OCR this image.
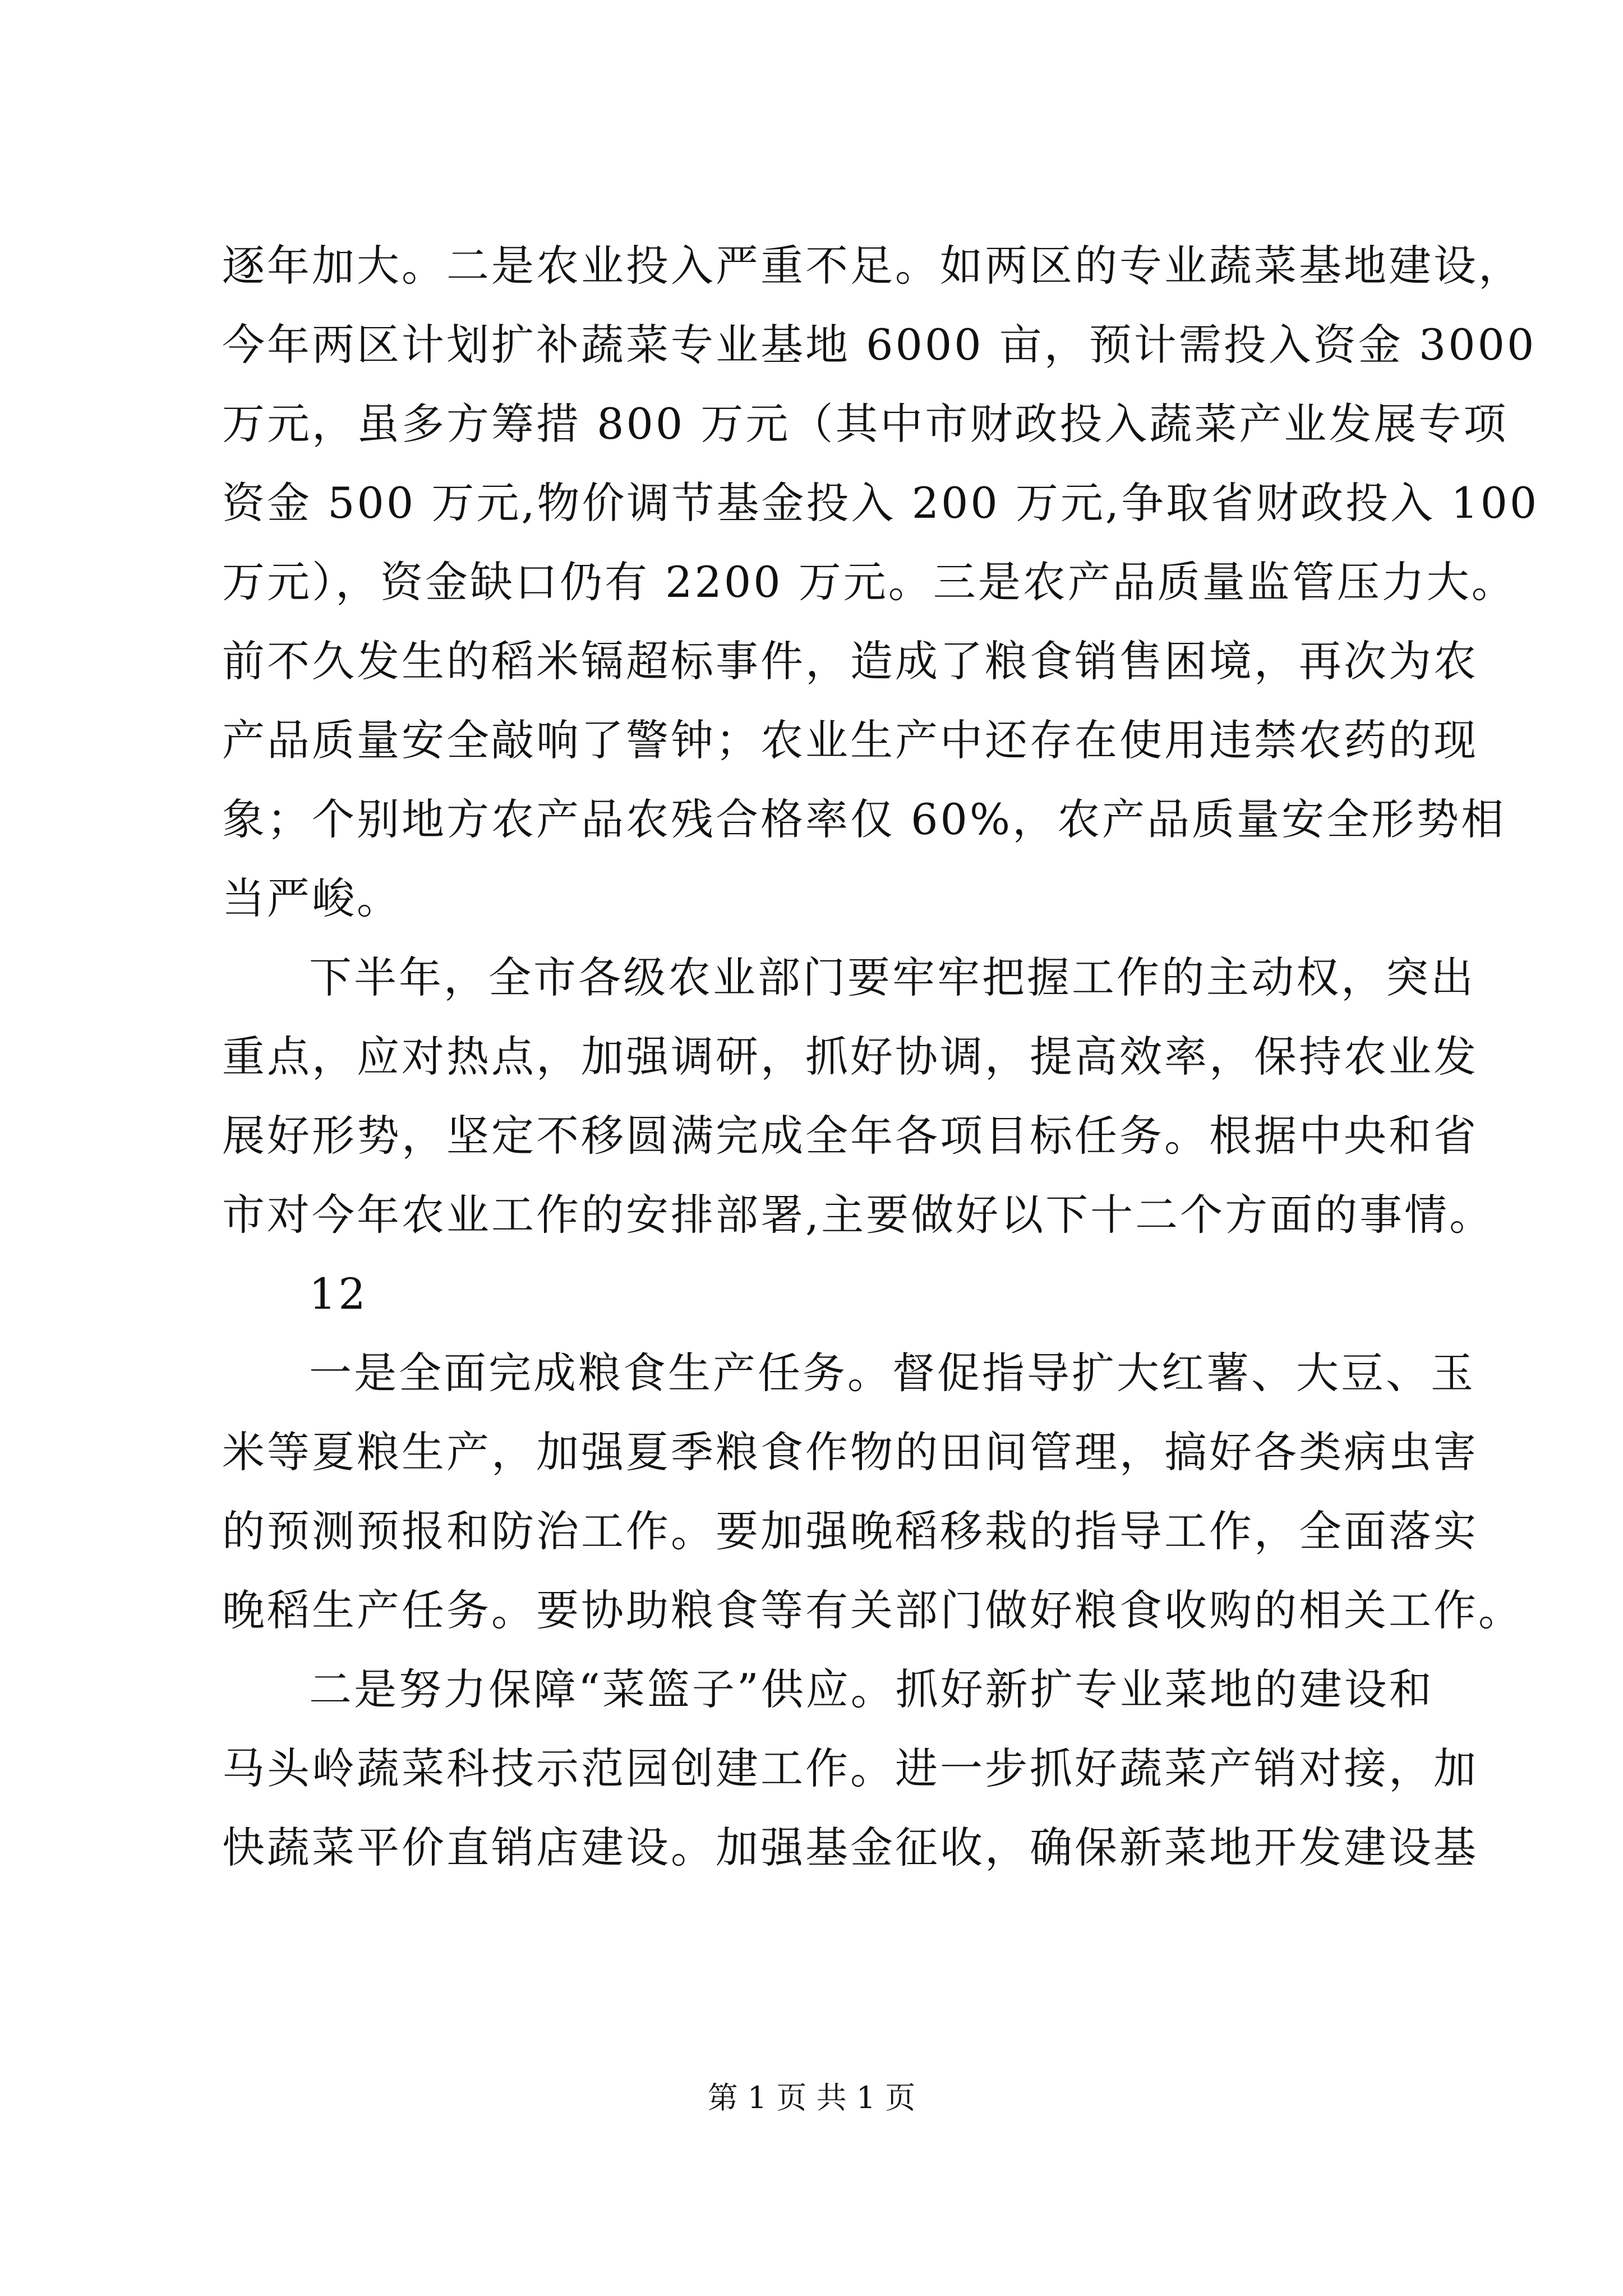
逐年加大。二是农业投入严重不足。如两区的专业蔬菜基地建设，
今年两区计划扩补蔬菜专业基地 6000 亩，预计需投入资金 3000
万元，虽多方筹措 800 万元（其中市财政投入蔬菜产业发展专项
资金 500 万元,物价调节基金投入 200 万元,争取省财政投入 100
万元），资金缺口仍有 2200 万元。三是农产品质量监管压力大。
前不久发生的稻米镉超标事件，造成了粮食销售困境，再次为农
产品质量安全敲响了警钟；农业生产中还存在使用违禁农药的现
象；个别地方农产品农残合格率仅 60%，农产品质量安全形势相
当严峻。
下半年，全市各级农业部门要牢牢把握工作的主动权，突出
重点，应对热点，加强调研，抓好协调，提高效率，保持农业发
展好形势，坚定不移圆满完成全年各项目标任务。根据中央和省
市对今年农业工作的安排部署,主要做好以下十二个方面的事情。
12
一是全面完成粮食生产任务。督促指导扩大红薯、大豆、玉
米等夏粮生产，加强夏季粮食作物的田间管理，搞好各类病虫害
的预测预报和防治工作。要加强晚稻移栽的指导工作，全面落实
晚稻生产任务。要协助粮食等有关部门做好粮食收购的相关工作。
二是努力保障“菜篮子”供应。抓好新扩专业菜地的建设和
马头岭蔬菜科技示范园创建工作。进一步抓好蔬菜产销对接，加
快蔬菜平价直销店建设。加强基金征收，确保新菜地开发建设基
第 1 页 共 1 页
